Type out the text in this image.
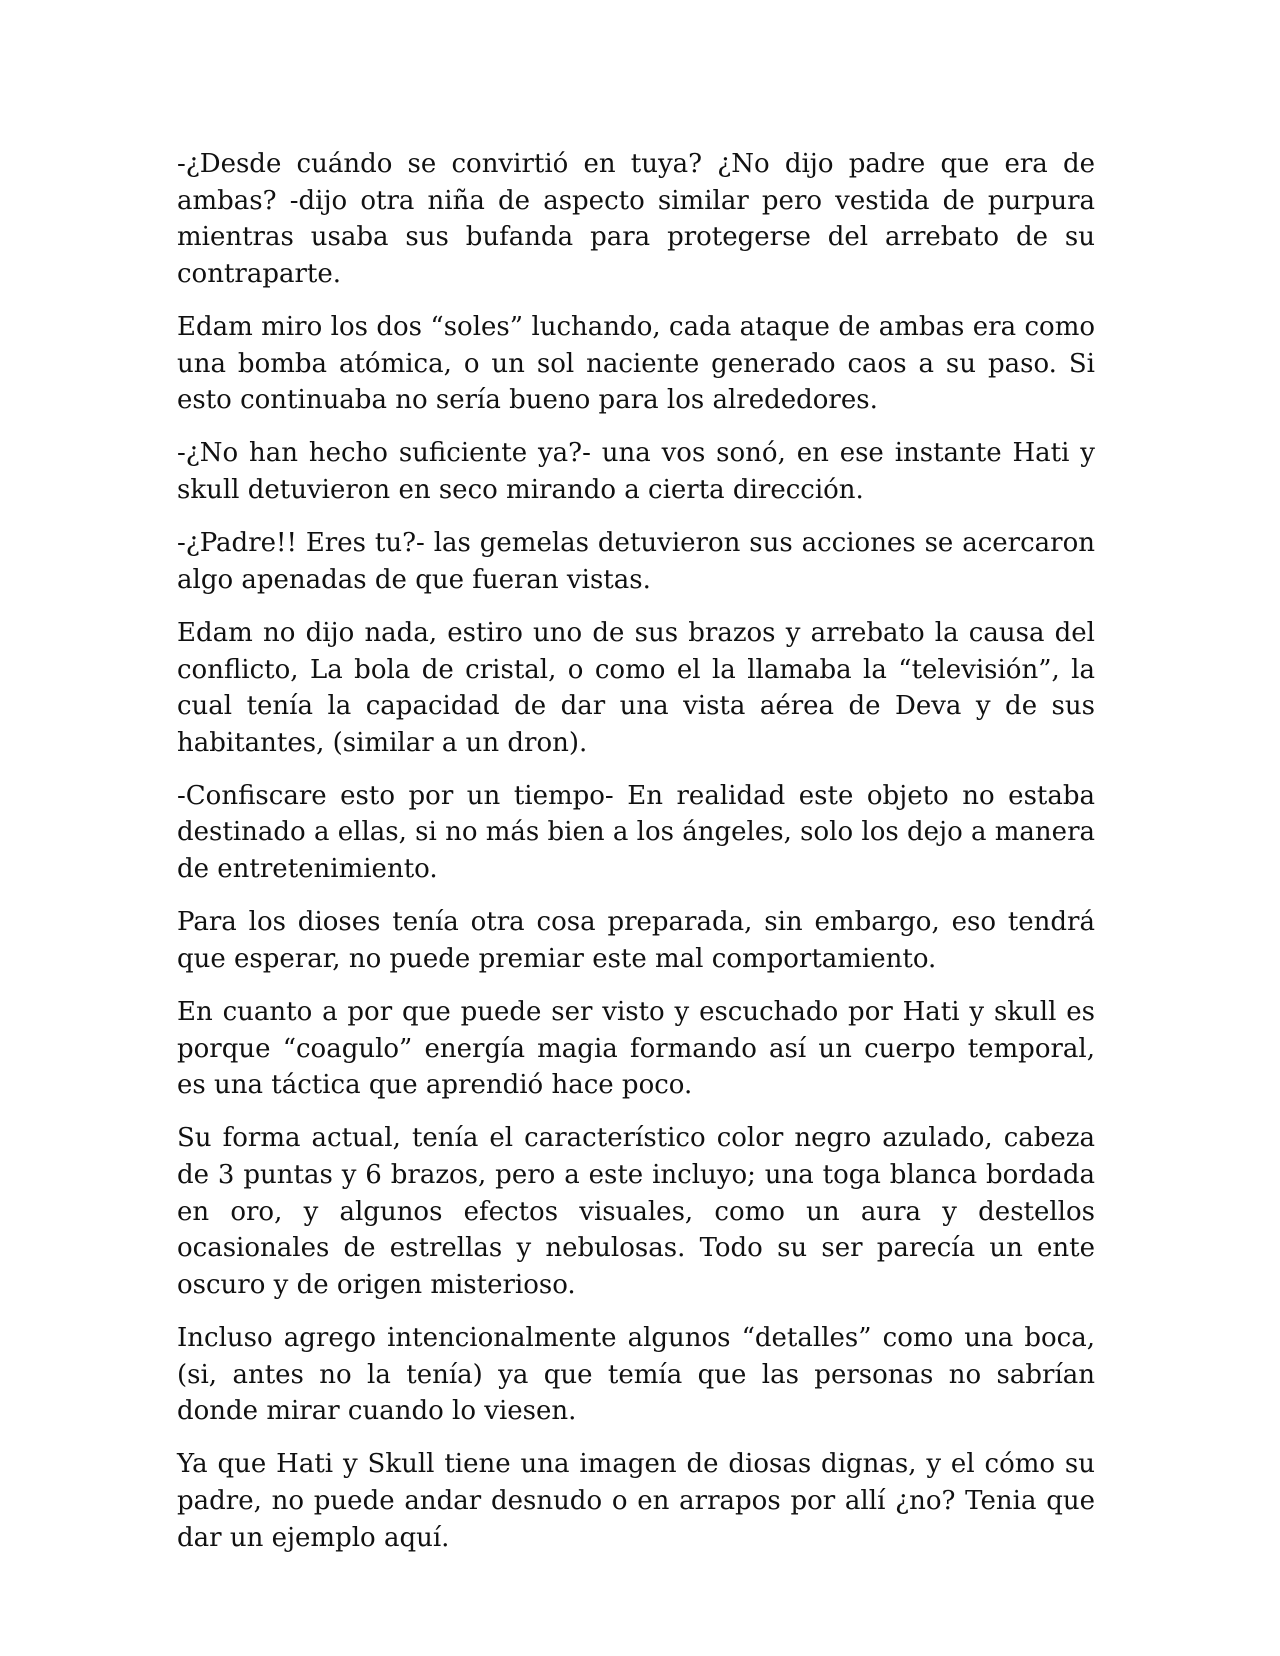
-¿Desde cuándo se convirtió en tuya? ¿No dijo padre que era de ambas? -dijo otra niña de aspecto similar pero vestida de purpura mientras usaba sus bufanda para protegerse del arrebato de su contraparte.

Edam miro los dos “soles” luchando, cada ataque de ambas era como una bomba atómica, o un sol naciente generado caos a su paso. Si esto continuaba no sería bueno para los alrededores.

-¿No han hecho suficiente ya?- una vos sonó, en ese instante Hati y skull detuvieron en seco mirando a cierta dirección.

-¿Padre!! Eres tu?- las gemelas detuvieron sus acciones se acercaron algo apenadas de que fueran vistas.

Edam no dijo nada, estiro uno de sus brazos y arrebato la causa del conflicto, La bola de cristal, o como el la llamaba la “televisión”, la cual tenía la capacidad de dar una vista aérea de Deva y de sus habitantes, (similar a un dron).

-Confiscare esto por un tiempo- En realidad este objeto no estaba destinado a ellas, si no más bien a los ángeles, solo los dejo a manera de entretenimiento.

Para los dioses tenía otra cosa preparada, sin embargo, eso tendrá que esperar, no puede premiar este mal comportamiento.

En cuanto a por que puede ser visto y escuchado por Hati y skull es porque “coagulo” energía magia formando así un cuerpo temporal, es una táctica que aprendió hace poco.

Su forma actual, tenía el característico color negro azulado, cabeza de 3 puntas y 6 brazos, pero a este incluyo; una toga blanca bordada en oro, y algunos efectos visuales, como un aura y destellos ocasionales de estrellas y nebulosas. Todo su ser parecía un ente oscuro y de origen misterioso.

Incluso agrego intencionalmente algunos “detalles” como una boca, (si, antes no la tenía) ya que temía que las personas no sabrían donde mirar cuando lo viesen.

Ya que Hati y Skull tiene una imagen de diosas dignas, y el cómo su padre, no puede andar desnudo o en arrapos por allí ¿no? Tenia que dar un ejemplo aquí.
